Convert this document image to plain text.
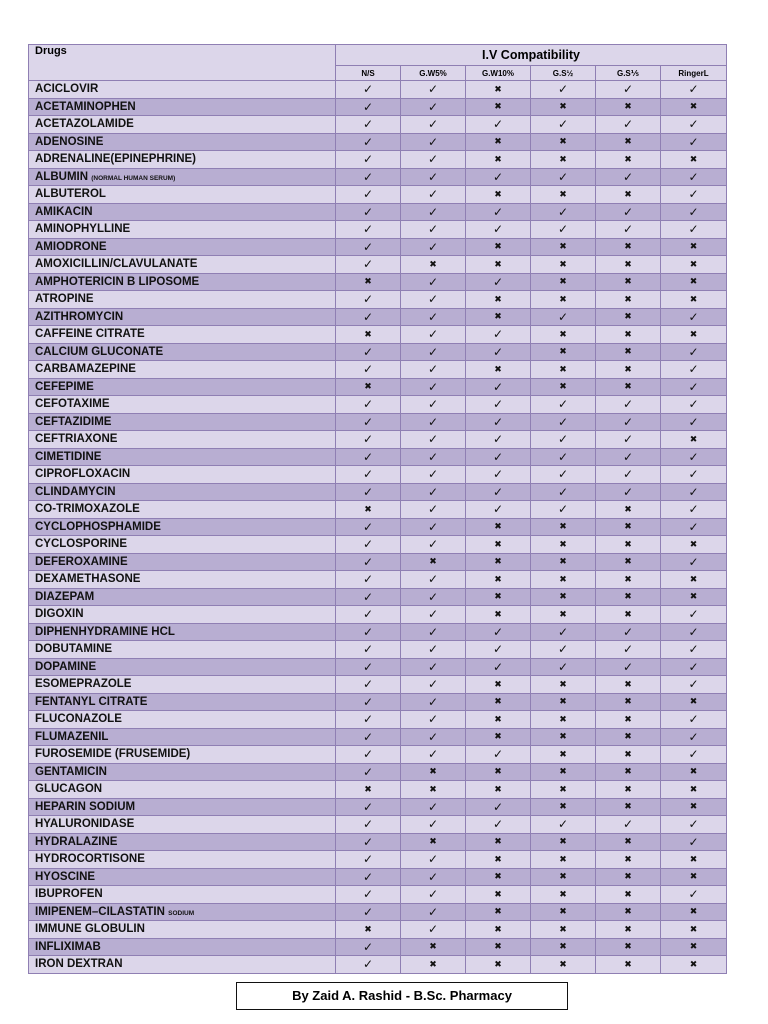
Drugs	I.V Compatibility					
	N/S	G.W5%	G.W10%	G.S½	G.S⅕	RingerL
ACICLOVIR	✓	✓	✖	✓	✓	✓
ACETAMINOPHEN	✓	✓	✖	✖	✖	✖
ACETAZOLAMIDE	✓	✓	✓	✓	✓	✓
ADENOSINE	✓	✓	✖	✖	✖	✓
ADRENALINE(EPINEPHRINE)	✓	✓	✖	✖	✖	✖
ALBUMIN (NORMAL HUMAN SERUM)	✓	✓	✓	✓	✓	✓
ALBUTEROL	✓	✓	✖	✖	✖	✓
AMIKACIN	✓	✓	✓	✓	✓	✓
AMINOPHYLLINE	✓	✓	✓	✓	✓	✓
AMIODRONE	✓	✓	✖	✖	✖	✖
AMOXICILLIN/CLAVULANATE	✓	✖	✖	✖	✖	✖
AMPHOTERICIN B LIPOSOME	✖	✓	✓	✖	✖	✖
ATROPINE	✓	✓	✖	✖	✖	✖
AZITHROMYCIN	✓	✓	✖	✓	✖	✓
CAFFEINE CITRATE	✖	✓	✓	✖	✖	✖
CALCIUM GLUCONATE	✓	✓	✓	✖	✖	✓
CARBAMAZEPINE	✓	✓	✖	✖	✖	✓
CEFEPIME	✖	✓	✓	✖	✖	✓
CEFOTAXIME	✓	✓	✓	✓	✓	✓
CEFTAZIDIME	✓	✓	✓	✓	✓	✓
CEFTRIAXONE	✓	✓	✓	✓	✓	✖
CIMETIDINE	✓	✓	✓	✓	✓	✓
CIPROFLOXACIN	✓	✓	✓	✓	✓	✓
CLINDAMYCIN	✓	✓	✓	✓	✓	✓
CO-TRIMOXAZOLE	✖	✓	✓	✓	✖	✓
CYCLOPHOSPHAMIDE	✓	✓	✖	✖	✖	✓
CYCLOSPORINE	✓	✓	✖	✖	✖	✖
DEFEROXAMINE	✓	✖	✖	✖	✖	✓
DEXAMETHASONE	✓	✓	✖	✖	✖	✖
DIAZEPAM	✓	✓	✖	✖	✖	✖
DIGOXIN	✓	✓	✖	✖	✖	✓
DIPHENHYDRAMINE HCL	✓	✓	✓	✓	✓	✓
DOBUTAMINE	✓	✓	✓	✓	✓	✓
DOPAMINE	✓	✓	✓	✓	✓	✓
ESOMEPRAZOLE	✓	✓	✖	✖	✖	✓
FENTANYL CITRATE	✓	✓	✖	✖	✖	✖
FLUCONAZOLE	✓	✓	✖	✖	✖	✓
FLUMAZENIL	✓	✓	✖	✖	✖	✓
FUROSEMIDE (FRUSEMIDE)	✓	✓	✓	✖	✖	✓
GENTAMICIN	✓	✖	✖	✖	✖	✖
GLUCAGON	✖	✖	✖	✖	✖	✖
HEPARIN SODIUM	✓	✓	✓	✖	✖	✖
HYALURONIDASE	✓	✓	✓	✓	✓	✓
HYDRALAZINE	✓	✖	✖	✖	✖	✓
HYDROCORTISONE	✓	✓	✖	✖	✖	✖
HYOSCINE	✓	✓	✖	✖	✖	✖
IBUPROFEN	✓	✓	✖	✖	✖	✓
IMIPENEM–CILASTATIN SODIUM	✓	✓	✖	✖	✖	✖
IMMUNE GLOBULIN	✖	✓	✖	✖	✖	✖
INFLIXIMAB	✓	✖	✖	✖	✖	✖
IRON DEXTRAN	✓	✖	✖	✖	✖	✖
By Zaid A. Rashid - B.Sc. Pharmacy
